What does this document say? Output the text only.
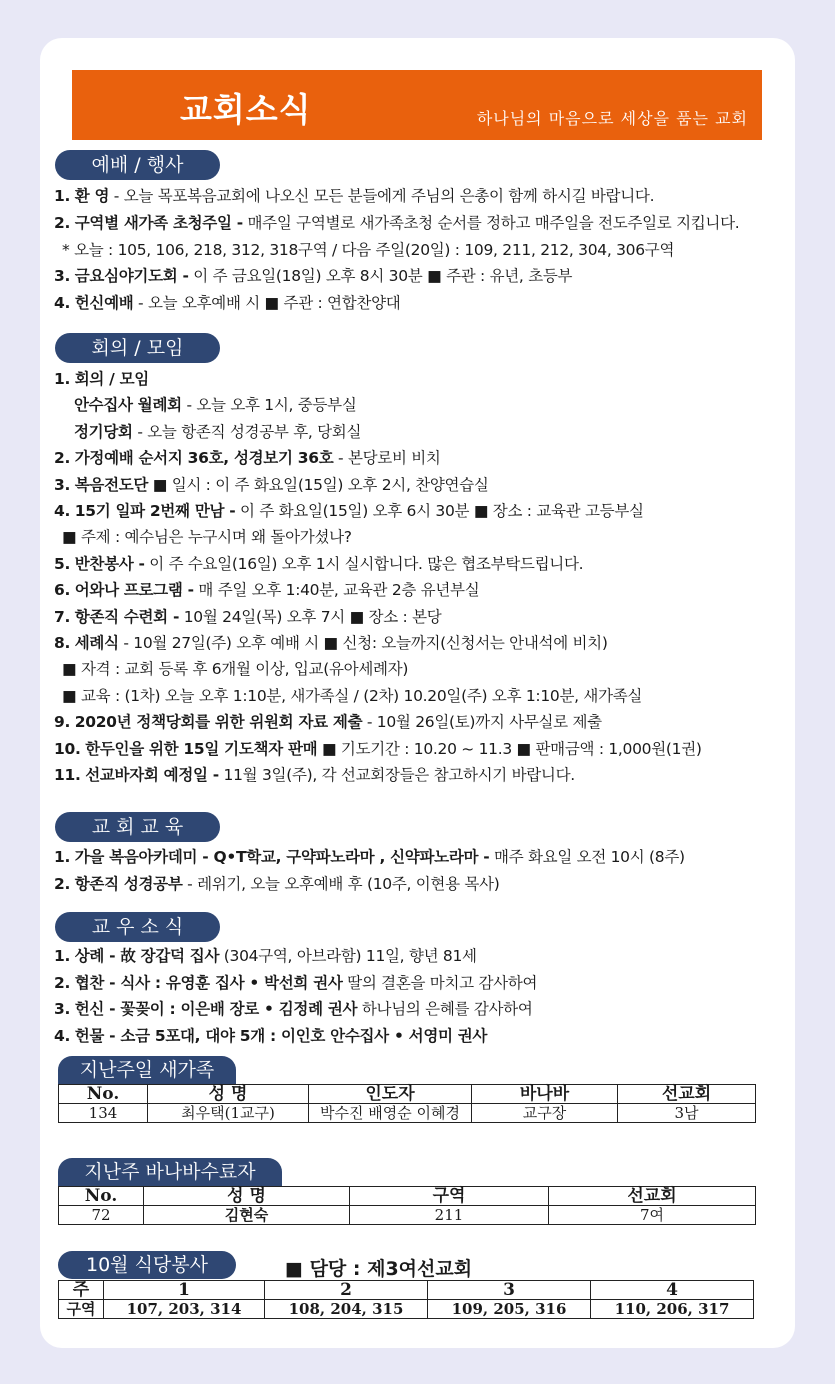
교회소식	하나님의 마음으로 세상을 품는 교회
예배 / 행사
1. 환 영 - 오늘 목포복음교회에 나오신 모든 분들에게 주님의 은총이 함께 하시길 바랍니다.
2. 구역별 새가족 초청주일 - 매주일 구역별로 새가족초청 순서를 정하고 매주일을 전도주일로 지킵니다.
* 오늘 : 105, 106, 218, 312, 318구역 / 다음 주일(20일) : 109, 211, 212, 304, 306구역
3. 금요심야기도회 - 이 주 금요일(18일) 오후 8시 30분 ■ 주관 : 유년, 초등부
4. 헌신예배 - 오늘 오후예배 시 ■ 주관 : 연합찬양대
회의 / 모임
1. 회의 / 모임
안수집사 월례회 - 오늘 오후 1시, 중등부실
정기당회 - 오늘 항존직 성경공부 후, 당회실
2. 가정예배 순서지 36호, 성경보기 36호 - 본당로비 비치
3. 복음전도단 ■ 일시 : 이 주 화요일(15일) 오후 2시, 찬양연습실
4. 15기 일파 2번째 만남 - 이 주 화요일(15일) 오후 6시 30분 ■ 장소 : 교육관 고등부실
■ 주제 : 예수님은 누구시며 왜 돌아가셨나?
5. 반찬봉사 - 이 주 수요일(16일) 오후 1시 실시합니다. 많은 협조부탁드립니다.
6. 어와나 프로그램 - 매 주일 오후 1:40분, 교육관 2층 유년부실
7. 항존직 수련회 - 10월 24일(목) 오후 7시 ■ 장소 : 본당
8. 세례식 - 10월 27일(주) 오후 예배 시 ■ 신청: 오늘까지(신청서는 안내석에 비치)
■ 자격 : 교회 등록 후 6개월 이상, 입교(유아세례자)
■ 교육 : (1차) 오늘 오후 1:10분, 새가족실 / (2차) 10.20일(주) 오후 1:10분, 새가족실
9. 2020년 정책당회를 위한 위원회 자료 제출 - 10월 26일(토)까지 사무실로 제출
10. 한두인을 위한 15일 기도책자 판매 ■ 기도기간 : 10.20 ~ 11.3 ■ 판매금액 : 1,000원(1권)
11. 선교바자회 예정일 - 11월 3일(주), 각 선교회장들은 참고하시기 바랍니다.
교 회 교 육
1. 가을 복음아카데미 - Q•T학교, 구약파노라마 , 신약파노라마 - 매주 화요일 오전 10시 (8주)
2. 항존직 성경공부 - 레위기, 오늘 오후예배 후 (10주, 이현용 목사)
교 우 소 식
1. 상례 - 故 장갑덕 집사 (304구역, 아브라함) 11일, 향년 81세
2. 협찬 - 식사 : 유영훈 집사 • 박선희 권사 딸의 결혼을 마치고 감사하여
3. 헌신 - 꽃꽂이 : 이은배 장로 • 김정례 권사 하나님의 은혜를 감사하여
4. 헌물 - 소금 5포대, 대야 5개 : 이인호 안수집사 • 서영미 권사
지난주일 새가족
No.	성 명	인도자	바나바	선교회
134	최우택(1교구)	박수진 배영순 이혜경	교구장	3남
지난주 바나바수료자
No.	성 명	구역	선교회
72	김현숙	211	7여
10월 식당봉사	■ 담당 : 제3여선교회
주	1	2	3	4
구역	107, 203, 314	108, 204, 315	109, 205, 316	110, 206, 317
